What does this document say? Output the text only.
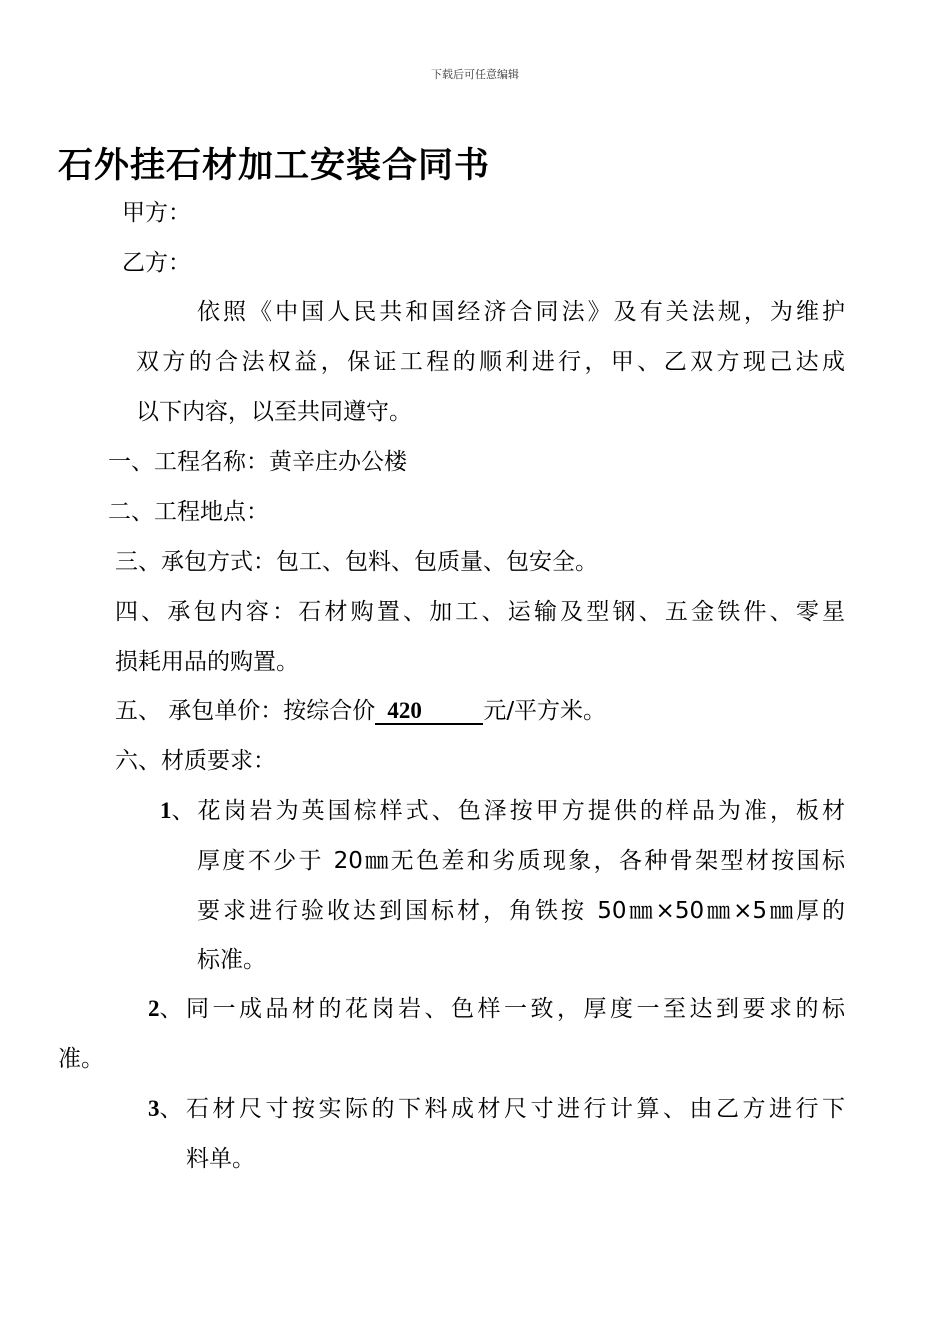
下载后可任意编辑
石外挂石材加工安装合同书
甲方：
乙方：
依照《中国人民共和国经济合同法》及有关法规，为维护
双方的合法权益，保证工程的顺利进行，甲、乙双方现己达成
以下内容，以至共同遵守。
一、工程名称：黄辛庄办公楼
二、工程地点：
三、承包方式：包工、包料、包质量、包安全。
四、承包内容：石材购置、加工、运输及型钢、五金铁件、零星
损耗用品的购置。
五、 承包单价：按综合价 420	元/平方米。
六、材质要求：
1 、花岗岩为英国棕样式、色泽按甲方提供的样品为准，板材
厚度不少于 20㎜无色差和劣质现象，各种骨架型材按国标
要求进行验收达到国标材，角铁按 50㎜×50㎜×5㎜厚的
标准。
2 、同一成品材的花岗岩、色样一致，厚度一至达到要求的标
准。
3 、石材尺寸按实际的下料成材尺寸进行计算、由乙方进行下
料单。
